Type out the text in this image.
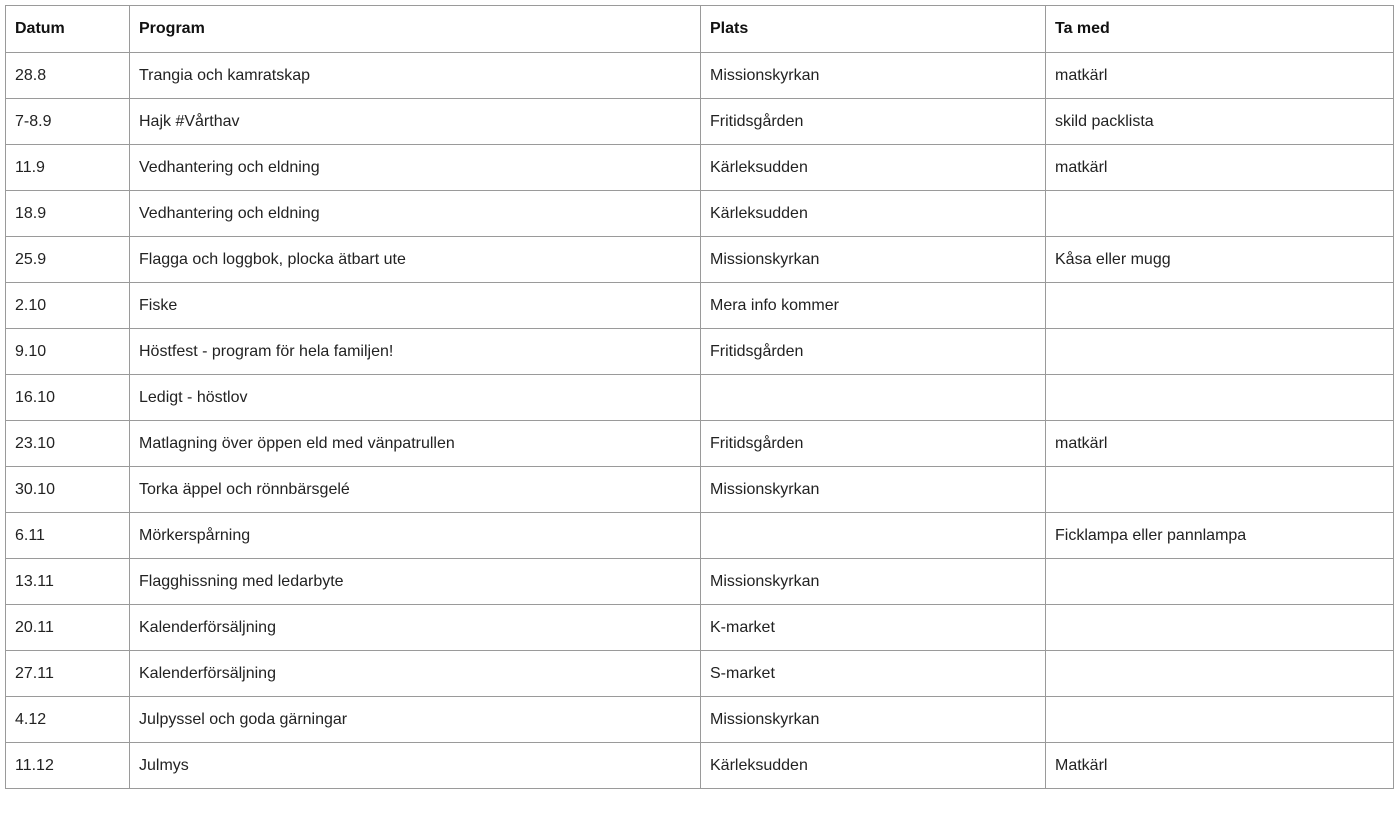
Datum	Program	Plats	Ta med
28.8	Trangia och kamratskap	Missionskyrkan	matkärl
7-8.9	Hajk #Vårthav	Fritidsgården	skild packlista
11.9	Vedhantering och eldning	Kärleksudden	matkärl
18.9	Vedhantering och eldning	Kärleksudden	
25.9	Flagga och loggbok, plocka ätbart ute	Missionskyrkan	Kåsa eller mugg
2.10	Fiske	Mera info kommer	
9.10	Höstfest - program för hela familjen!	Fritidsgården	
16.10	Ledigt - höstlov		
23.10	Matlagning över öppen eld med vänpatrullen	Fritidsgården	matkärl
30.10	Torka äppel och rönnbärsgelé	Missionskyrkan	
6.11	Mörkerspårning		Ficklampa eller pannlampa
13.11	Flagghissning med ledarbyte	Missionskyrkan	
20.11	Kalenderförsäljning	K-market	
27.11	Kalenderförsäljning	S-market	
4.12	Julpyssel och goda gärningar	Missionskyrkan	
11.12	Julmys	Kärleksudden	Matkärl
